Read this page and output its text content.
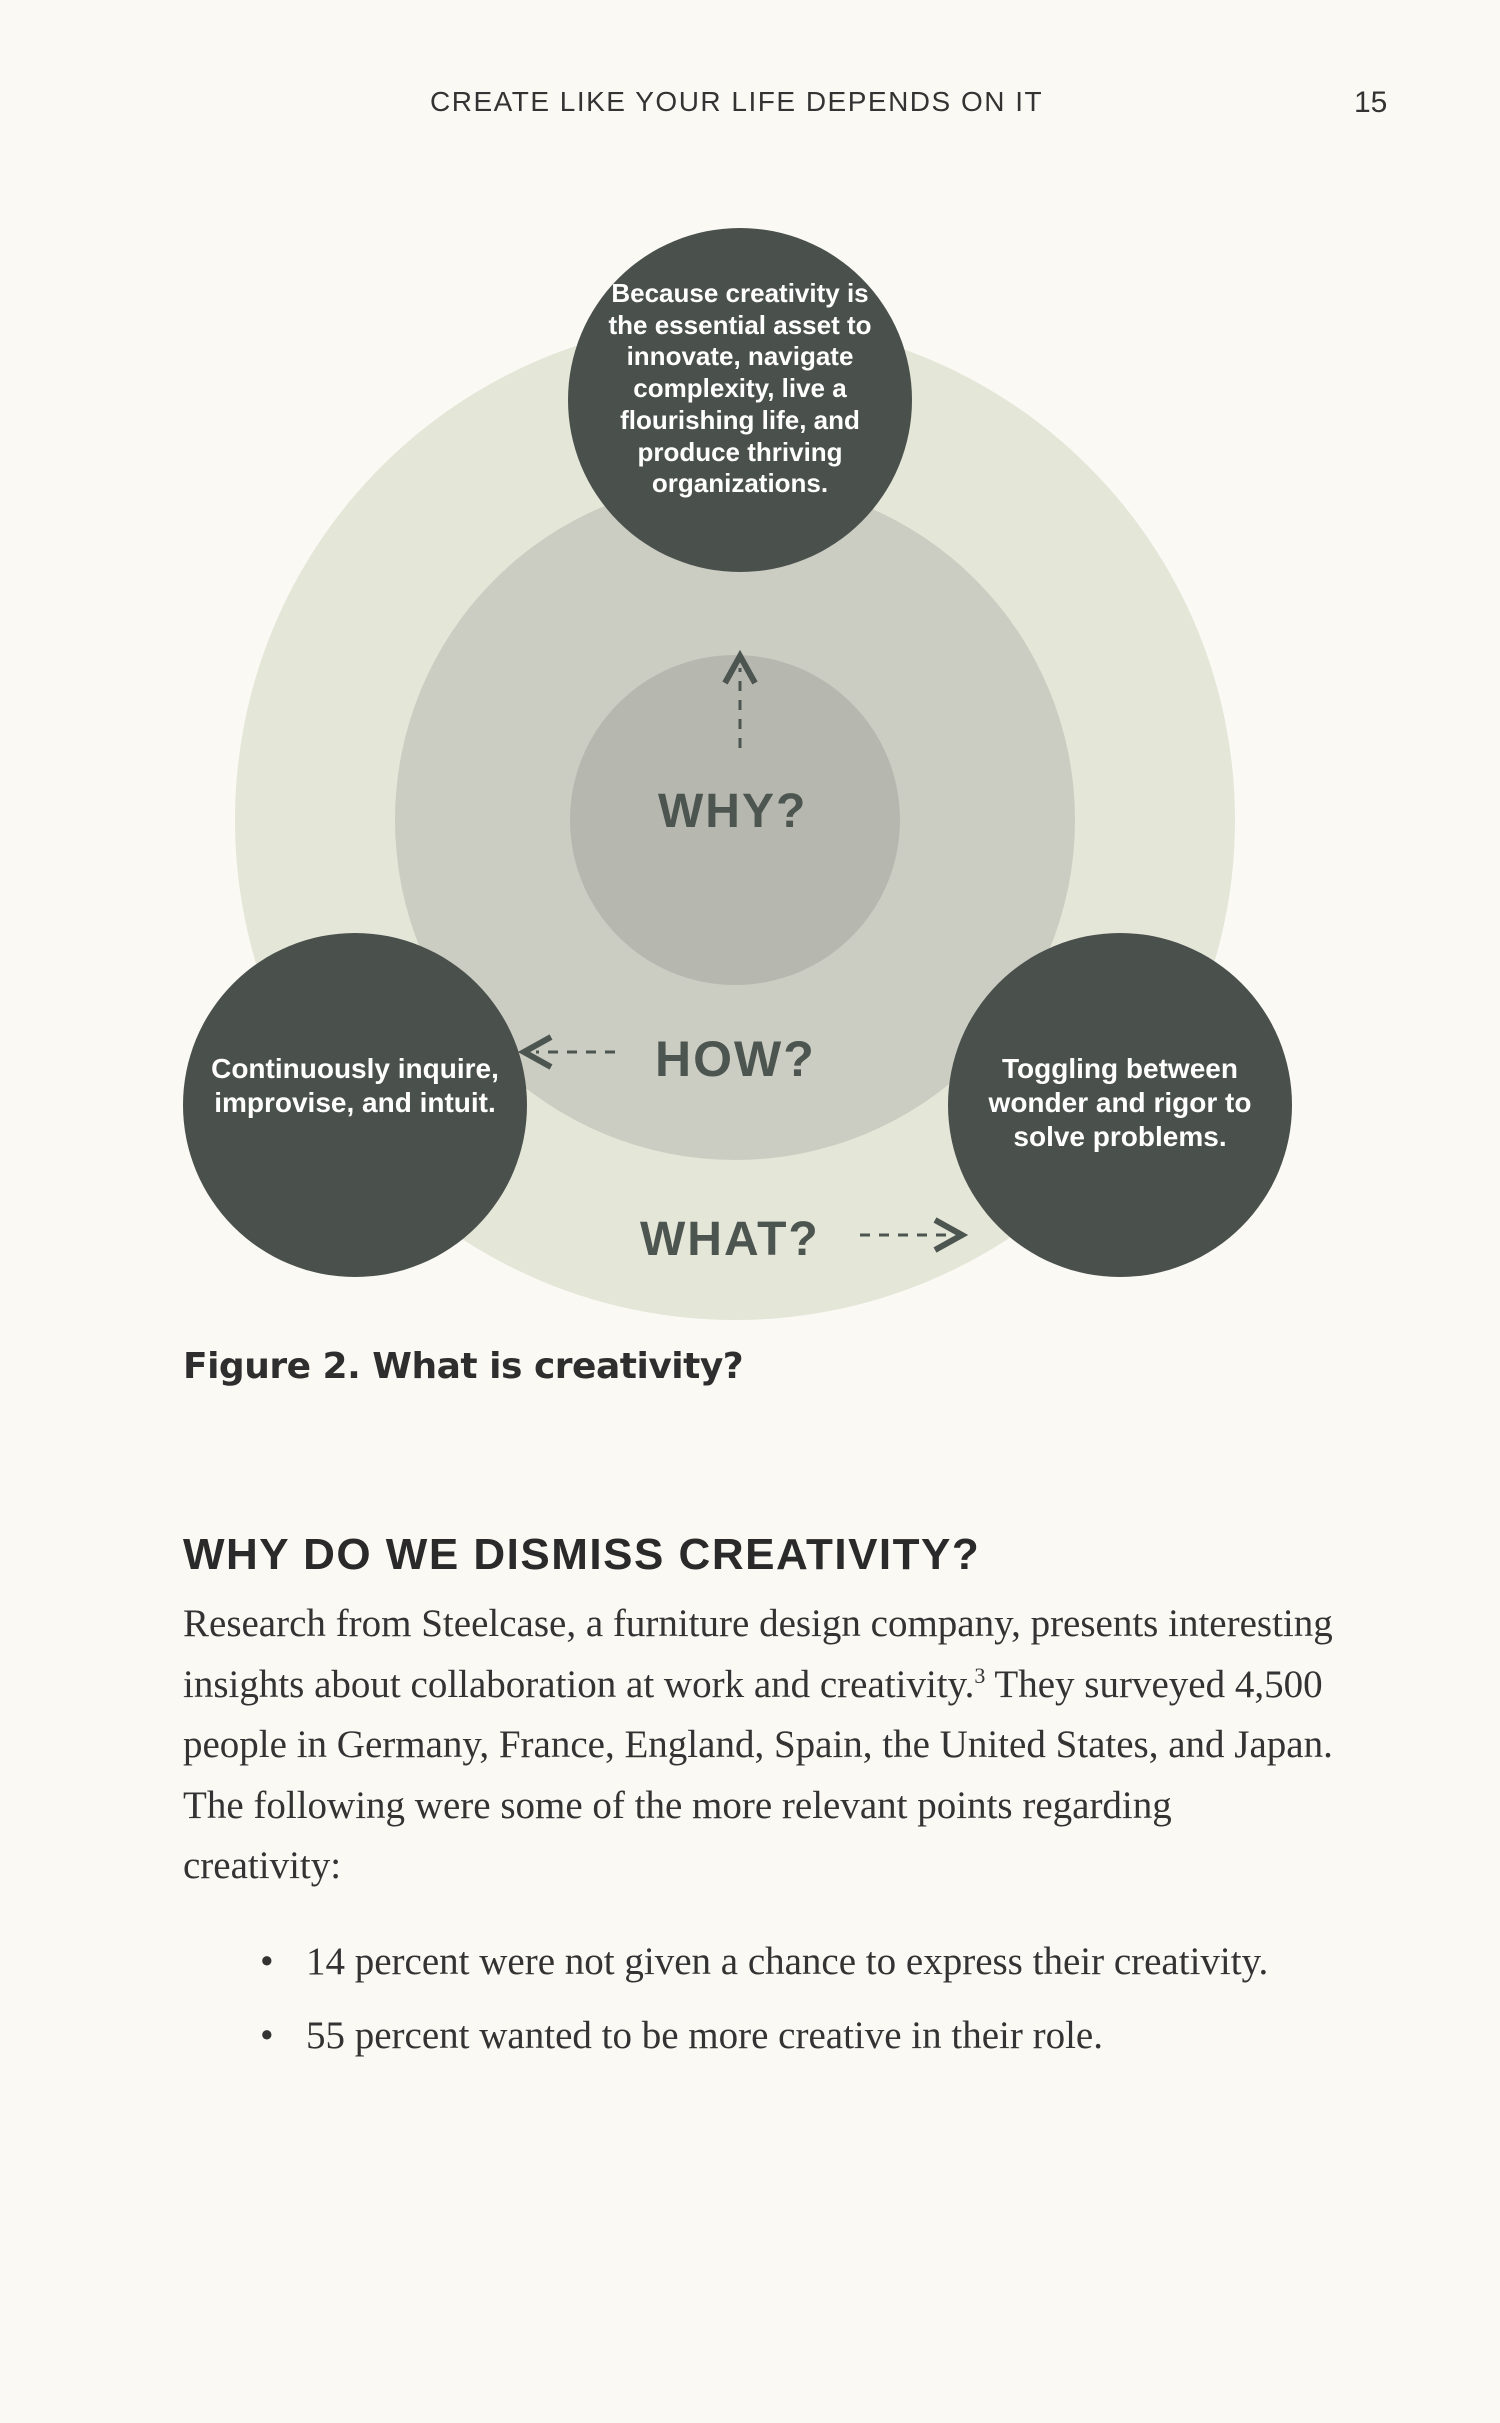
CREATE LIKE YOUR LIFE DEPENDS ON IT	15
Because creativity is the essential asset to innovate, navigate complexity, live a flourishing life, and produce thriving organizations.
Continuously inquire, improvise, and intuit.
Toggling between wonder and rigor to solve problems.
WHY?
HOW?
WHAT?
Figure 2. What is creativity?
WHY DO WE DISMISS CREATIVITY?

Research from Steelcase, a furniture design company, presents interesting insights about collaboration at work and creativity.$^3$ They surveyed 4,500 people in Germany, France, England, Spain, the United States, and Japan. The following were some of the more relevant points regarding creativity:

• 14 percent were not given a chance to express their creativity.
• 55 percent wanted to be more creative in their role.
